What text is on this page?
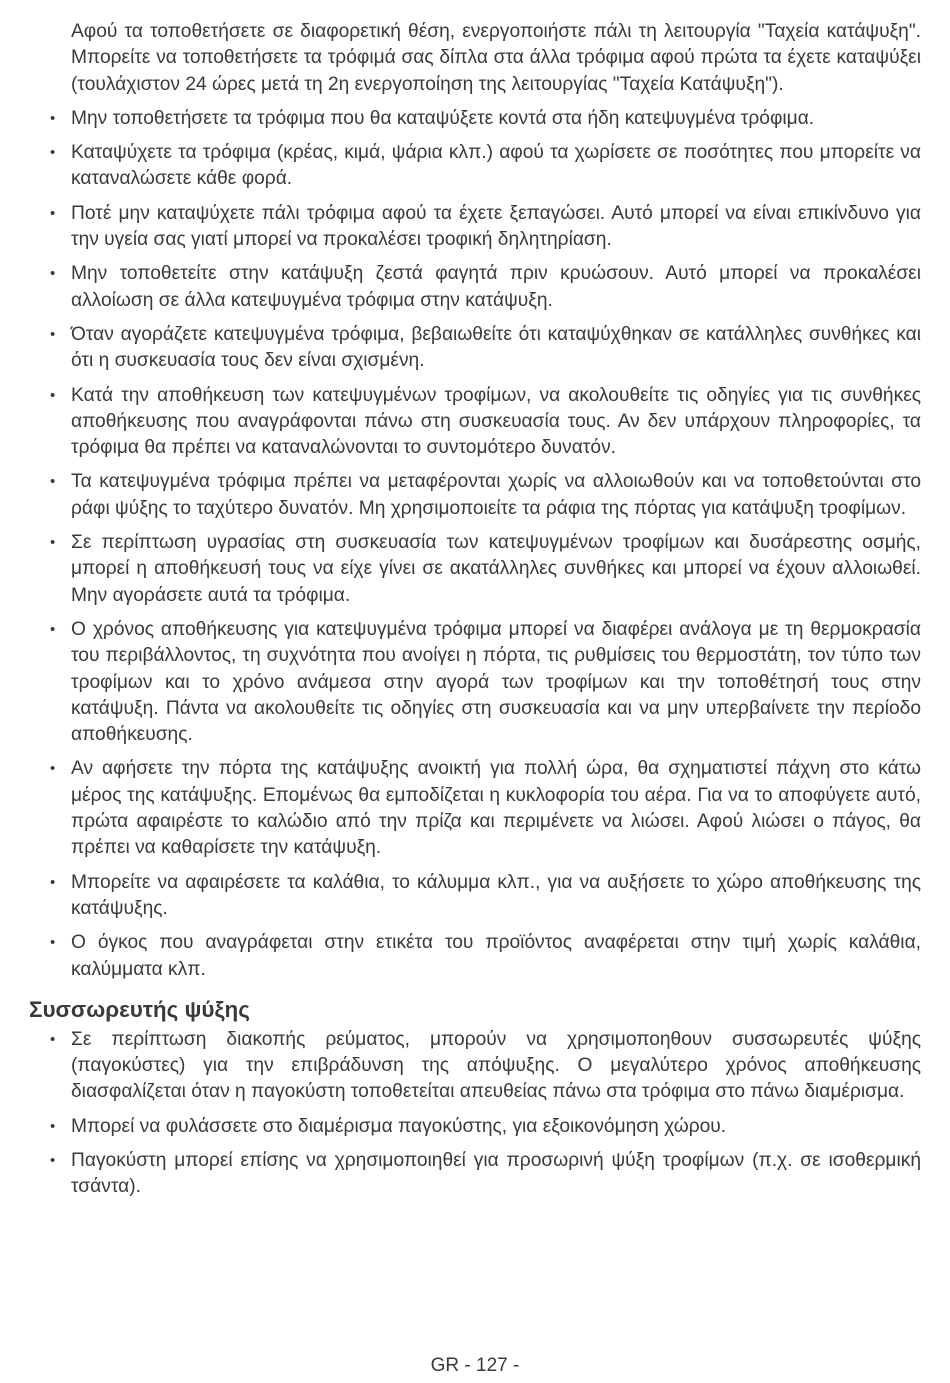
Αφού τα τοποθετήσετε σε διαφορετική θέση, ενεργοποιήστε πάλι τη λειτουργία "Ταχεία κατάψυξη". Μπορείτε να τοποθετήσετε τα τρόφιμά σας δίπλα στα άλλα τρόφιμα αφού πρώτα τα έχετε καταψύξει (τουλάχιστον 24 ώρες μετά τη 2η ενεργοποίηση της λειτουργίας "Ταχεία Κατάψυξη").

• Μην τοποθετήσετε τα τρόφιμα που θα καταψύξετε κοντά στα ήδη κατεψυγμένα τρόφιμα.
• Καταψύχετε τα τρόφιμα (κρέας, κιμά, ψάρια κλπ.) αφού τα χωρίσετε σε ποσότητες που μπορείτε να καταναλώσετε κάθε φορά.
• Ποτέ μην καταψύχετε πάλι τρόφιμα αφού τα έχετε ξεπαγώσει. Αυτό μπορεί να είναι επικίνδυνο για την υγεία σας γιατί μπορεί να προκαλέσει τροφική δηλητηρίαση.
• Μην τοποθετείτε στην κατάψυξη ζεστά φαγητά πριν κρυώσουν. Αυτό μπορεί να προκαλέσει αλλοίωση σε άλλα κατεψυγμένα τρόφιμα στην κατάψυξη.
• Όταν αγοράζετε κατεψυγμένα τρόφιμα, βεβαιωθείτε ότι καταψύχθηκαν σε κατάλληλες συνθήκες και ότι η συσκευασία τους δεν είναι σχισμένη.
• Κατά την αποθήκευση των κατεψυγμένων τροφίμων, να ακολουθείτε τις οδηγίες για τις συνθήκες αποθήκευσης που αναγράφονται πάνω στη συσκευασία τους. Αν δεν υπάρχουν πληροφορίες, τα τρόφιμα θα πρέπει να καταναλώνονται το συντομότερο δυνατόν.
• Τα κατεψυγμένα τρόφιμα πρέπει να μεταφέρονται χωρίς να αλλοιωθούν και να τοποθετούνται στο ράφι ψύξης το ταχύτερο δυνατόν. Μη χρησιμοποιείτε τα ράφια της πόρτας για κατάψυξη τροφίμων.
• Σε περίπτωση υγρασίας στη συσκευασία των κατεψυγμένων τροφίμων και δυσάρεστης οσμής, μπορεί η αποθήκευσή τους να είχε γίνει σε ακατάλληλες συνθήκες και μπορεί να έχουν αλλοιωθεί. Μην αγοράσετε αυτά τα τρόφιμα.
• Ο χρόνος αποθήκευσης για κατεψυγμένα τρόφιμα μπορεί να διαφέρει ανάλογα με τη θερμοκρασία του περιβάλλοντος, τη συχνότητα που ανοίγει η πόρτα, τις ρυθμίσεις του θερμοστάτη, τον τύπο των τροφίμων και το χρόνο ανάμεσα στην αγορά των τροφίμων και την τοποθέτησή τους στην κατάψυξη. Πάντα να ακολουθείτε τις οδηγίες στη συσκευασία και να μην υπερβαίνετε την περίοδο αποθήκευσης.
• Αν αφήσετε την πόρτα της κατάψυξης ανοικτή για πολλή ώρα, θα σχηματιστεί πάχνη στο κάτω μέρος της κατάψυξης. Επομένως θα εμποδίζεται η κυκλοφορία του αέρα. Για να το αποφύγετε αυτό, πρώτα αφαιρέστε το καλώδιο από την πρίζα και περιμένετε να λιώσει. Αφού λιώσει ο πάγος, θα πρέπει να καθαρίσετε την κατάψυξη.
• Μπορείτε να αφαιρέσετε τα καλάθια, το κάλυμμα κλπ., για να αυξήσετε το χώρο αποθήκευσης της κατάψυξης.
• Ο όγκος που αναγράφεται στην ετικέτα του προϊόντος αναφέρεται στην τιμή χωρίς καλάθια, καλύμματα κλπ.
Συσσωρευτής ψύξης
• Σε περίπτωση διακοπής ρεύματος, μπορούν να χρησιμοποηθουν συσσωρευτές ψύξης (παγοκύστες) για την επιβράδυνση της απόψυξης. Ο μεγαλύτερο χρόνος αποθήκευσης διασφαλίζεται όταν η παγοκύστη τοποθετείται απευθείας πάνω στα τρόφιμα στο πάνω διαμέρισμα.
• Μπορεί να φυλάσσετε στο διαμέρισμα παγοκύστης, για εξοικονόμηση χώρου.
• Παγοκύστη μπορεί επίσης να χρησιμοποιηθεί για προσωρινή ψύξη τροφίμων (π.χ. σε ισοθερμική τσάντα).
GR - 127 -
